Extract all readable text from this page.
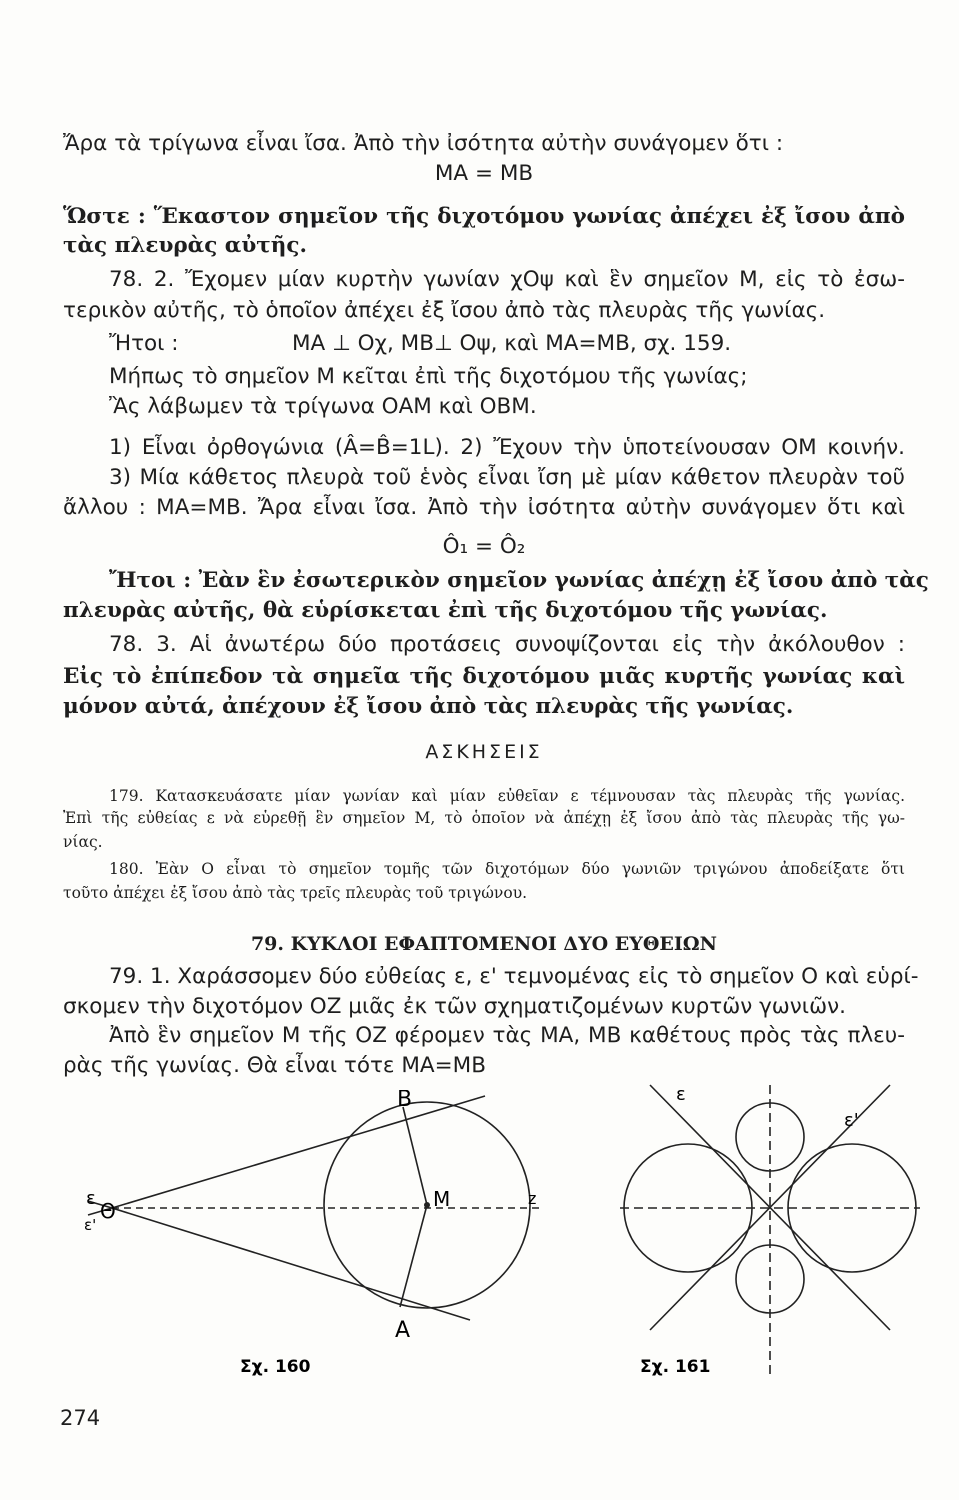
Ἄρα τὰ τρίγωνα εἶναι ἴσα. Ἀπὸ τὴν ἰσότητα αὐτὴν συνάγομεν ὅτι :
MA = MB
Ὥστε : Ἕκαστον σημεῖον τῆς διχοτόμου γωνίας ἀπέχει ἐξ ἴσου ἀπὸ
τὰς πλευρὰς αὐτῆς.
78. 2. Ἔχομεν μίαν κυρτὴν γωνίαν χΟψ καὶ ἓν σημεῖον Μ, εἰς τὸ ἐσω-
τερικὸν αὐτῆς, τὸ ὁποῖον ἀπέχει ἐξ ἴσου ἀπὸ τὰς πλευρὰς τῆς γωνίας.
Ἤτοι :	MA ⊥ Oχ, MB⊥ Oψ, καὶ MA=MB, σχ. 159.
Μήπως τὸ σημεῖον Μ κεῖται ἐπὶ τῆς διχοτόμου τῆς γωνίας;
Ἂς λάβωμεν τὰ τρίγωνα ΟΑΜ καὶ ΟΒΜ.
1) Εἶναι ὀρθογώνια (Â=B̂=1L). 2) Ἔχουν τὴν ὑποτείνουσαν ΟΜ κοινήν.
3) Μία κάθετος πλευρὰ τοῦ ἑνὸς εἶναι ἴση μὲ μίαν κάθετον πλευρὰν τοῦ
ἄλλου : ΜΑ=ΜΒ. Ἄρα εἶναι ἴσα. Ἀπὸ τὴν ἰσότητα αὐτὴν συνάγομεν ὅτι καὶ
Ô₁ = Ô₂
Ἤτοι : Ἐὰν ἓν ἐσωτερικὸν σημεῖον γωνίας ἀπέχῃ ἐξ ἴσου ἀπὸ τὰς
πλευρὰς αὐτῆς, θὰ εὑρίσκεται ἐπὶ τῆς διχοτόμου τῆς γωνίας.
78. 3. Αἱ ἀνωτέρω δύο προτάσεις συνοψίζονται εἰς τὴν ἀκόλουθον :
Εἰς τὸ ἐπίπεδον τὰ σημεῖα τῆς διχοτόμου μιᾶς κυρτῆς γωνίας καὶ
μόνον αὐτά, ἀπέχουν ἐξ ἴσου ἀπὸ τὰς πλευρὰς τῆς γωνίας.
ΑΣΚΗΣΕΙΣ
179. Κατασκευάσατε μίαν γωνίαν καὶ μίαν εὐθεῖαν ε τέμνουσαν τὰς πλευρὰς τῆς γωνίας.
Ἐπὶ τῆς εὐθείας ε νὰ εὑρεθῇ ἓν σημεῖον Μ, τὸ ὁποῖον νὰ ἀπέχῃ ἐξ ἴσου ἀπὸ τὰς πλευρὰς τῆς γω-
νίας.
180. Ἐὰν Ο εἶναι τὸ σημεῖον τομῆς τῶν διχοτόμων δύο γωνιῶν τριγώνου ἀποδείξατε ὅτι
τοῦτο ἀπέχει ἐξ ἴσου ἀπὸ τὰς τρεῖς πλευρὰς τοῦ τριγώνου.
79. ΚΥΚΛΟΙ ΕΦΑΠΤΟΜΕΝΟΙ ΔΥΟ ΕΥΘΕΙΩΝ
79. 1. Χαράσσομεν δύο εὐθείας ε, ε' τεμνομένας εἰς τὸ σημεῖον Ο καὶ εὑρί-
σκομεν τὴν διχοτόμον ΟΖ μιᾶς ἐκ τῶν σχηματιζομένων κυρτῶν γωνιῶν.
Ἀπὸ ἓν σημεῖον Μ τῆς ΟΖ φέρομεν τὰς ΜΑ, ΜΒ καθέτους πρὸς τὰς πλευ-
ρὰς τῆς γωνίας. Θὰ εἶναι τότε ΜΑ=ΜΒ
B
A
M
Θ
ε
ε'
z
Σχ. 160
ε
ε'
Σχ. 161
274
